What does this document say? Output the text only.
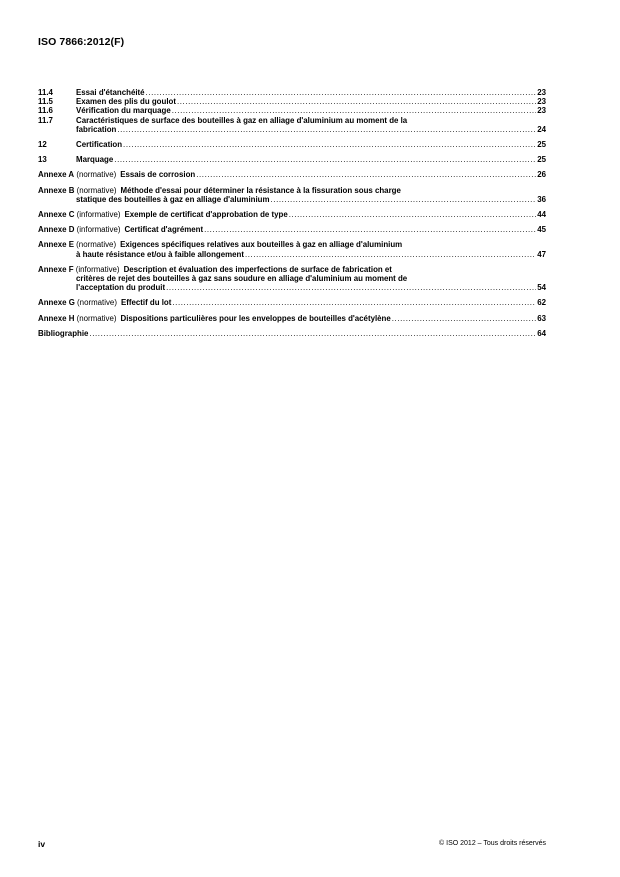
ISO 7866:2012(F)
11.4	Essai d'étanchéité .....	23
11.5	Examen des plis du goulot .....	23
11.6	Vérification du marquage .....	23
11.7	Caractéristiques de surface des bouteilles à gaz en alliage d'aluminium au moment de la
fabrication .....	24
12	Certification .....	25
13	Marquage .....	25
Annexe A (normative) Essais de corrosion .....	26
Annexe B (normative) Méthode d'essai pour déterminer la résistance à la fissuration sous charge
statique des bouteilles à gaz en alliage d'aluminium .....	36
Annexe C (informative) Exemple de certificat d'approbation de type .....	44
Annexe D (informative) Certificat d'agrément .....	45
Annexe E (normative) Exigences spécifiques relatives aux bouteilles à gaz en alliage d'aluminium
à haute résistance et/ou à faible allongement .....	47
Annexe F (informative) Description et évaluation des imperfections de surface de fabrication et
critères de rejet des bouteilles à gaz sans soudure en alliage d'aluminium au moment de
l'acceptation du produit .....	54
Annexe G (normative) Effectif du lot .....	62
Annexe H (normative) Dispositions particulières pour les enveloppes de bouteilles d'acétylène .....	63
Bibliographie .....	64
iv	© ISO 2012 – Tous droits réservés
